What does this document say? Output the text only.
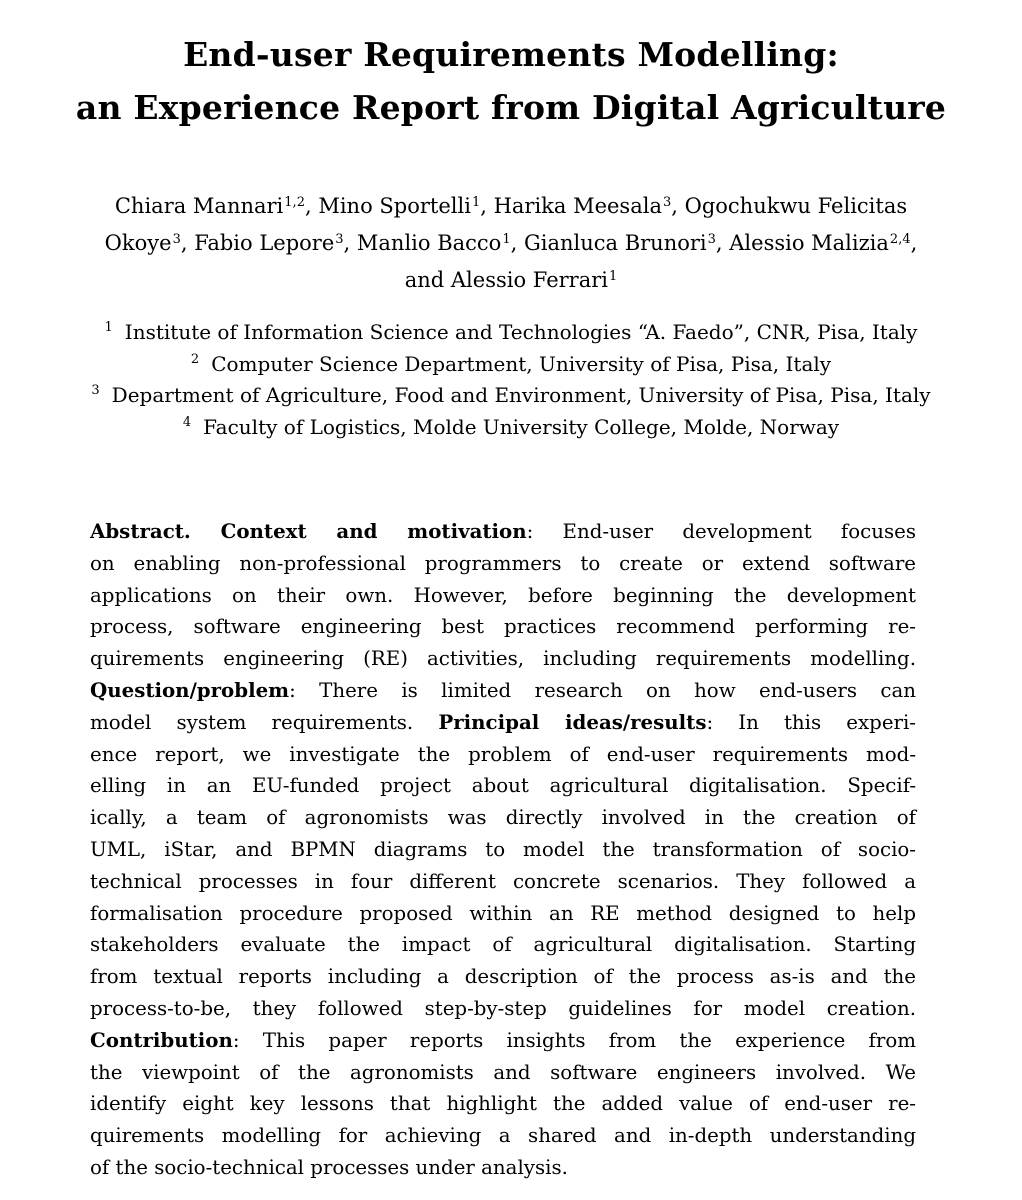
End-user Requirements Modelling:
an Experience Report from Digital Agriculture
Chiara Mannari$^{1,2}$, Mino Sportelli$^1$, Harika Meesala$^3$, Ogochukwu Felicitas
Okoye$^3$, Fabio Lepore$^3$, Manlio Bacco$^1$, Gianluca Brunori$^3$, Alessio Malizia$^{2,4}$,
and Alessio Ferrari$^1$
$^1$ Institute of Information Science and Technologies “A. Faedo”, CNR, Pisa, Italy
$^2$ Computer Science Department, University of Pisa, Pisa, Italy
$^3$ Department of Agriculture, Food and Environment, University of Pisa, Pisa, Italy
$^4$ Faculty of Logistics, Molde University College, Molde, Norway
Abstract. Context and motivation: End-user development focuses
on enabling non-professional programmers to create or extend software
applications on their own. However, before beginning the development
process, software engineering best practices recommend performing re-
quirements engineering (RE) activities, including requirements modelling.
Question/problem: There is limited research on how end-users can
model system requirements. Principal ideas/results: In this experi-
ence report, we investigate the problem of end-user requirements mod-
elling in an EU-funded project about agricultural digitalisation. Specif-
ically, a team of agronomists was directly involved in the creation of
UML, iStar, and BPMN diagrams to model the transformation of socio-
technical processes in four different concrete scenarios. They followed a
formalisation procedure proposed within an RE method designed to help
stakeholders evaluate the impact of agricultural digitalisation. Starting
from textual reports including a description of the process as-is and the
process-to-be, they followed step-by-step guidelines for model creation.
Contribution: This paper reports insights from the experience from
the viewpoint of the agronomists and software engineers involved. We
identify eight key lessons that highlight the added value of end-user re-
quirements modelling for achieving a shared and in-depth understanding
of the socio-technical processes under analysis.
